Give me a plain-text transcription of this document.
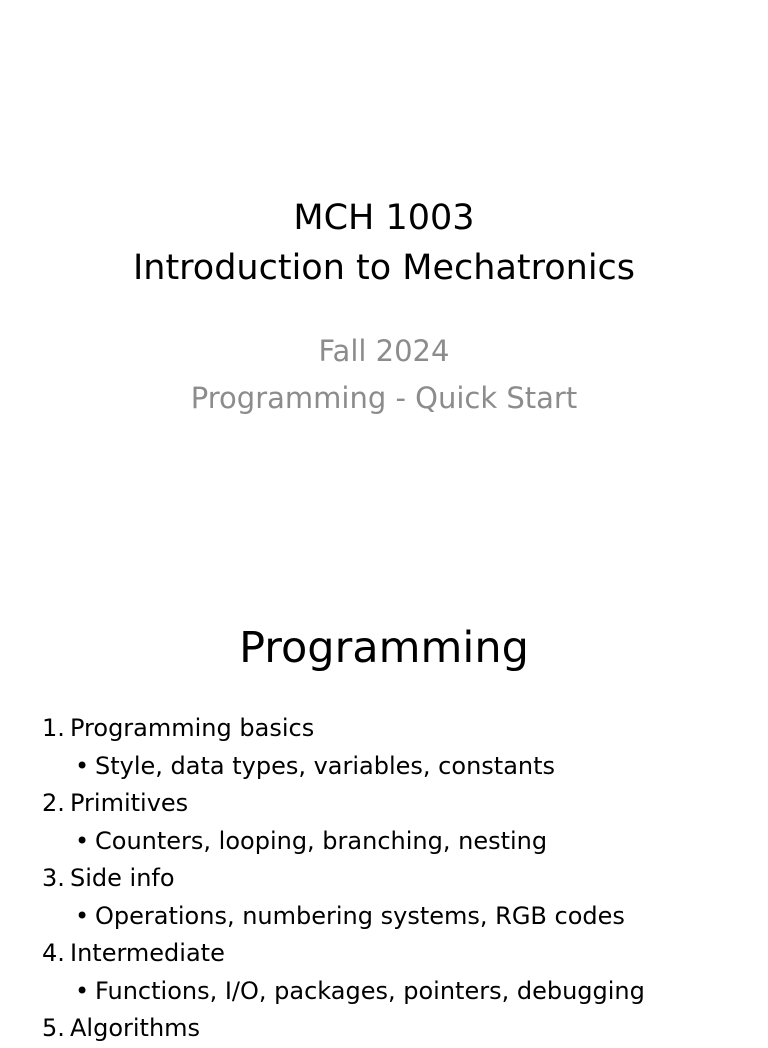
MCH 1003
Introduction to Mechatronics
Fall 2024
Programming - Quick Start
Programming
1. Programming basics
• Style, data types, variables, constants
2. Primitives
• Counters, looping, branching, nesting
3. Side info
• Operations, numbering systems, RGB codes
4. Intermediate
• Functions, I/O, packages, pointers, debugging
5. Algorithms
